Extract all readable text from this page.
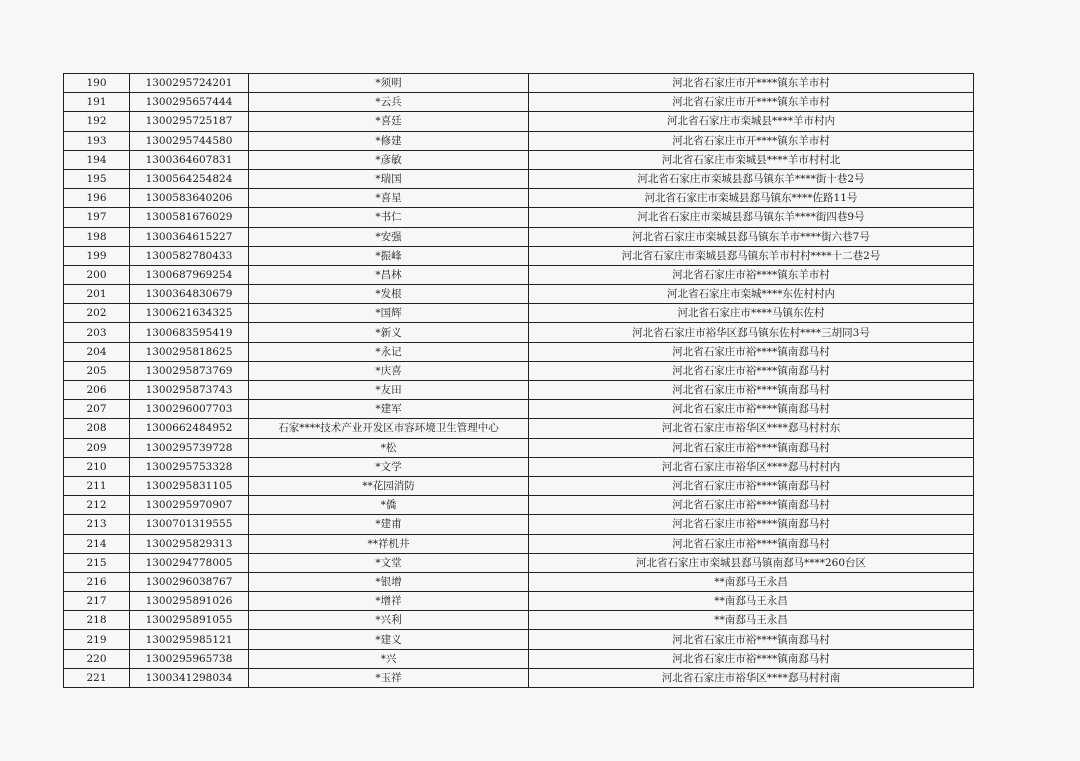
190	1300295724201	*须明	河北省石家庄市开****镇东羊市村
191	1300295657444	*云兵	河北省石家庄市开****镇东羊市村
192	1300295725187	*喜廷	河北省石家庄市栾城县****羊市村内
193	1300295744580	*修建	河北省石家庄市开****镇东羊市村
194	1300364607831	*彦敏	河北省石家庄市栾城县****羊市村村北
195	1300564254824	*瑞国	河北省石家庄市栾城县郄马镇东羊****街十巷2号
196	1300583640206	*喜星	河北省石家庄市栾城县郄马镇东****佐路11号
197	1300581676029	*书仁	河北省石家庄市栾城县郄马镇东羊****街四巷9号
198	1300364615227	*安强	河北省石家庄市栾城县郄马镇东羊市****街六巷7号
199	1300582780433	*振峰	河北省石家庄市栾城县郄马镇东羊市村村****十二巷2号
200	1300687969254	*昌林	河北省石家庄市裕****镇东羊市村
201	1300364830679	*发根	河北省石家庄市栾城****东佐村村内
202	1300621634325	*国辉	河北省石家庄市****马镇东佐村
203	1300683595419	*新义	河北省石家庄市裕华区郄马镇东佐村****三胡同3号
204	1300295818625	*永记	河北省石家庄市裕****镇南郄马村
205	1300295873769	*庆喜	河北省石家庄市裕****镇南郄马村
206	1300295873743	*友田	河北省石家庄市裕****镇南郄马村
207	1300296007703	*建军	河北省石家庄市裕****镇南郄马村
208	1300662484952	石家****技术产业开发区市容环境卫生管理中心	河北省石家庄市裕华区****郄马村村东
209	1300295739728	*松	河北省石家庄市裕****镇南郄马村
210	1300295753328	*文学	河北省石家庄市裕华区****郄马村村内
211	1300295831105	**花园消防	河北省石家庄市裕****镇南郄马村
212	1300295970907	*僑	河北省石家庄市裕****镇南郄马村
213	1300701319555	*建甫	河北省石家庄市裕****镇南郄马村
214	1300295829313	**祥机井	河北省石家庄市裕****镇南郄马村
215	1300294778005	*文堂	河北省石家庄市栾城县郄马镇南郄马****260台区
216	1300296038767	*银增	**南郄马王永昌
217	1300295891026	*增祥	**南郄马王永昌
218	1300295891055	*兴利	**南郄马王永昌
219	1300295985121	*建义	河北省石家庄市裕****镇南郄马村
220	1300295965738	*兴	河北省石家庄市裕****镇南郄马村
221	1300341298034	*玉祥	河北省石家庄市裕华区****郄马村村南
